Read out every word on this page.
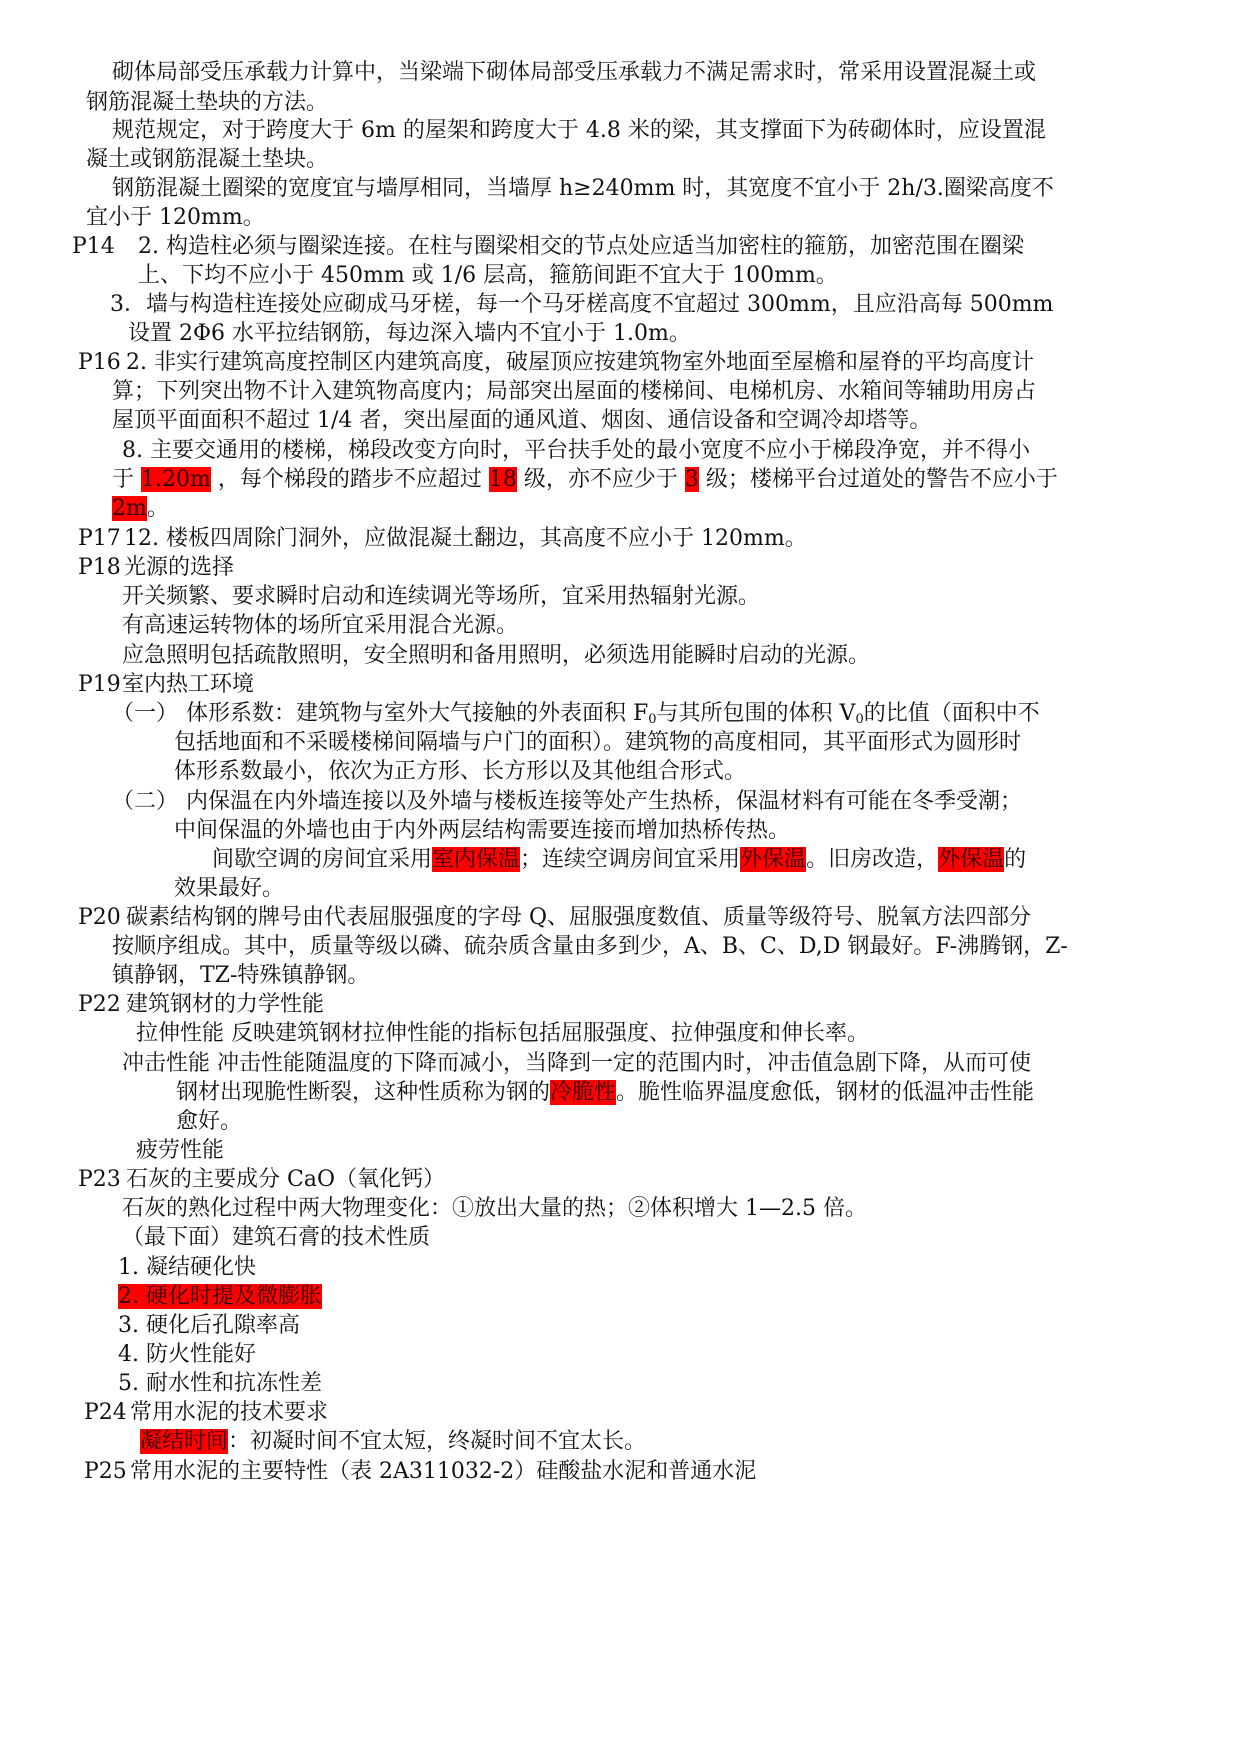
砌体局部受压承载力计算中，当梁端下砌体局部受压承载力不满足需求时，常采用设置混凝土或
钢筋混凝土垫块的方法。
规范规定，对于跨度大于 6m 的屋架和跨度大于 4.8 米的梁，其支撑面下为砖砌体时，应设置混
凝土或钢筋混凝土垫块。
钢筋混凝土圈梁的宽度宜与墙厚相同，当墙厚 h≥240mm 时，其宽度不宜小于 2h/3.圈梁高度不
宜小于 120mm。
P14 2. 构造柱必须与圈梁连接。在柱与圈梁相交的节点处应适当加密柱的箍筋，加密范围在圈梁
上、下均不应小于 450mm 或 1/6 层高，箍筋间距不宜大于 100mm。
3．墙与构造柱连接处应砌成马牙槎，每一个马牙槎高度不宜超过 300mm，且应沿高每 500mm
设置 2Φ6 水平拉结钢筋，每边深入墙内不宜小于 1.0m。
P16 2. 非实行建筑高度控制区内建筑高度，破屋顶应按建筑物室外地面至屋檐和屋脊的平均高度计
算；下列突出物不计入建筑物高度内；局部突出屋面的楼梯间、电梯机房、水箱间等辅助用房占
屋顶平面面积不超过 1/4 者，突出屋面的通风道、烟囱、通信设备和空调冷却塔等。
8. 主要交通用的楼梯，梯段改变方向时，平台扶手处的最小宽度不应小于梯段净宽，并不得小
于 1.20m ，每个梯段的踏步不应超过 18 级，亦不应少于 3 级；楼梯平台过道处的警告不应小于
2m。
P17 12. 楼板四周除门洞外，应做混凝土翻边，其高度不应小于 120mm。
P18 光源的选择
开关频繁、要求瞬时启动和连续调光等场所，宜采用热辐射光源。
有高速运转物体的场所宜采用混合光源。
应急照明包括疏散照明，安全照明和备用照明，必须选用能瞬时启动的光源。
P19 室内热工环境
（一） 体形系数：建筑物与室外大气接触的外表面积 $F_0$与其所包围的体积 $V_0$的比值（面积中不
包括地面和不采暖楼梯间隔墙与户门的面积）。建筑物的高度相同，其平面形式为圆形时
体形系数最小，依次为正方形、长方形以及其他组合形式。
（二） 内保温在内外墙连接以及外墙与楼板连接等处产生热桥，保温材料有可能在冬季受潮；
中间保温的外墙也由于内外两层结构需要连接而增加热桥传热。
间歇空调的房间宜采用室内保温；连续空调房间宜采用外保温。旧房改造，外保温的
效果最好。
P20 碳素结构钢的牌号由代表屈服强度的字母 Q、屈服强度数值、质量等级符号、脱氧方法四部分
按顺序组成。其中，质量等级以磷、硫杂质含量由多到少，A、B、C、D,D 钢最好。F-沸腾钢，Z-
镇静钢，TZ-特殊镇静钢。
P22 建筑钢材的力学性能
拉伸性能 反映建筑钢材拉伸性能的指标包括屈服强度、拉伸强度和伸长率。
冲击性能 冲击性能随温度的下降而减小，当降到一定的范围内时，冲击值急剧下降，从而可使
钢材出现脆性断裂，这种性质称为钢的冷脆性。脆性临界温度愈低，钢材的低温冲击性能
愈好。
疲劳性能
P23 石灰的主要成分 CaO（氧化钙）
石灰的熟化过程中两大物理变化：①放出大量的热；②体积增大 1—2.5 倍。
（最下面）建筑石膏的技术性质
1. 凝结硬化快
2. 硬化时提及微膨胀
3. 硬化后孔隙率高
4. 防火性能好
5. 耐水性和抗冻性差
P24 常用水泥的技术要求
凝结时间：初凝时间不宜太短，终凝时间不宜太长。
P25 常用水泥的主要特性（表 2A311032-2）硅酸盐水泥和普通水泥
